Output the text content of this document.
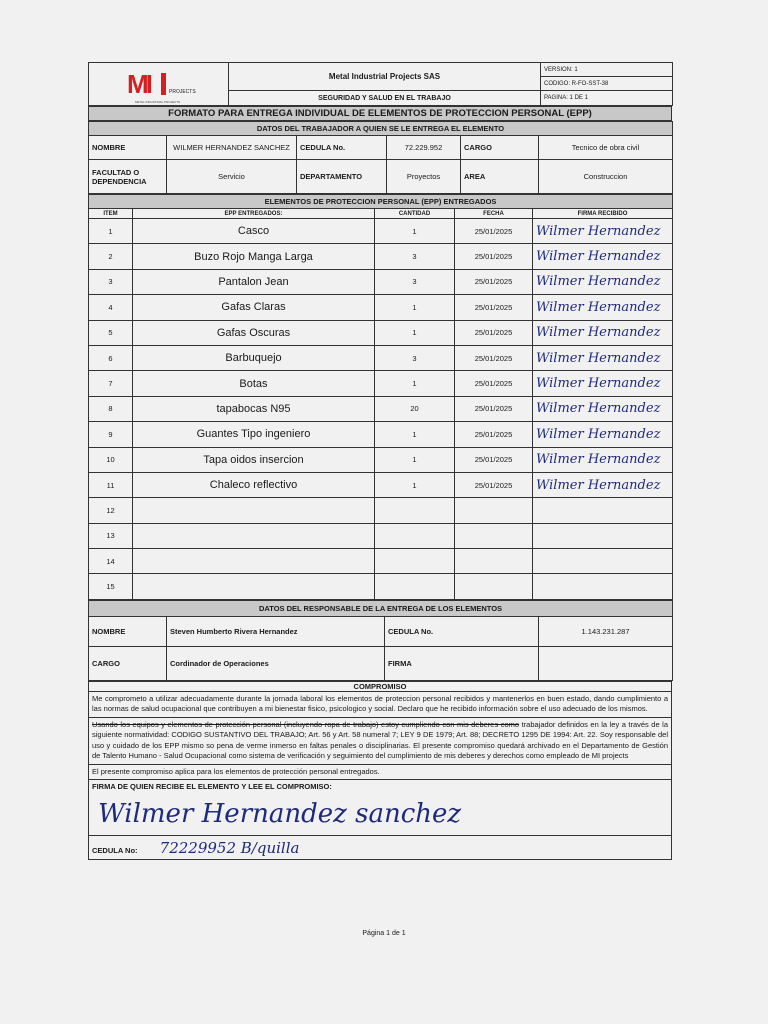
MI PROJECTS
METAL INDUSTRIAL PROJECTS	Metal Industrial Projects SAS	VERSION: 1
		CODIGO: R-FO-SST-38
	SEGURIDAD Y SALUD EN EL TRABAJO	PAGINA: 1 DE 1
FORMATO PARA ENTREGA INDIVIDUAL DE ELEMENTOS DE PROTECCION PERSONAL (EPP)
DATOS DEL TRABAJADOR A QUIEN SE LE ENTREGA EL ELEMENTO					
NOMBRE	WILMER HERNANDEZ SANCHEZ	CEDULA No.	72.229.952	CARGO	Tecnico de obra civil
FACULTAD O DEPENDENCIA	Servicio	DEPARTAMENTO	Proyectos	AREA	Construccion
ELEMENTOS DE PROTECCION PERSONAL (EPP) ENTREGADOS				
ITEM	EPP ENTREGADOS:	CANTIDAD	FECHA	FIRMA RECIBIDO
1	Casco	1	25/01/2025	Wilmer Hernandez
2	Buzo Rojo Manga Larga	3	25/01/2025	Wilmer Hernandez
3	Pantalon Jean	3	25/01/2025	Wilmer Hernandez
4	Gafas Claras	1	25/01/2025	Wilmer Hernandez
5	Gafas Oscuras	1	25/01/2025	Wilmer Hernandez
6	Barbuquejo	3	25/01/2025	Wilmer Hernandez
7	Botas	1	25/01/2025	Wilmer Hernandez
8	tapabocas N95	20	25/01/2025	Wilmer Hernandez
9	Guantes Tipo ingeniero	1	25/01/2025	Wilmer Hernandez
10	Tapa oidos insercion	1	25/01/2025	Wilmer Hernandez
11	Chaleco reflectivo	1	25/01/2025	Wilmer Hernandez
12				
13				
14				
15				
DATOS DEL RESPONSABLE DE LA ENTREGA DE LOS ELEMENTOS			
NOMBRE	Steven Humberto Rivera Hernandez	CEDULA No.	1.143.231.287
CARGO	Cordinador de Operaciones	FIRMA	
COMPROMISO
Me comprometo a utilizar adecuadamente durante la jornada laboral los elementos de proteccion personal recibidos y mantenerlos en buen estado, dando cumplimiento a las normas de salud ocupacional que contribuyen a mi bienestar fisico, psicologico y social. Declaro que he recibido información sobre el uso adecuado de los mismos.
Usando los equipos y elementos de protección personal (incluyendo ropa de trabajo) estoy cumpliendo con mis deberes como trabajador definidos en la ley a través de la siguiente normatividad: CODIGO SUSTANTIVO DEL TRABAJO; Art. 56 y Art. 58 numeral 7; LEY 9 DE 1979; Art. 88; DECRETO 1295 DE 1994: Art. 22. Soy responsable del uso y cuidado de los EPP mismo so pena de verme inmerso en faltas penales o disciplinarias. El presente compromiso quedará archivado en el Departamento de Gestión de Talento Humano - Salud Ocupacional como sistema de verificación y seguimiento del cumplimiento de mis deberes y derechos como empleado de MI projects
El presente compromiso aplica para los elementos de protección personal entregados.

FIRMA DE QUIEN RECIBE EL ELEMENTO Y LEE EL COMPROMISO:
Wilmer Hernandez sanchez

CEDULA No: 72229952 B/quilla
Página 1 de 1
